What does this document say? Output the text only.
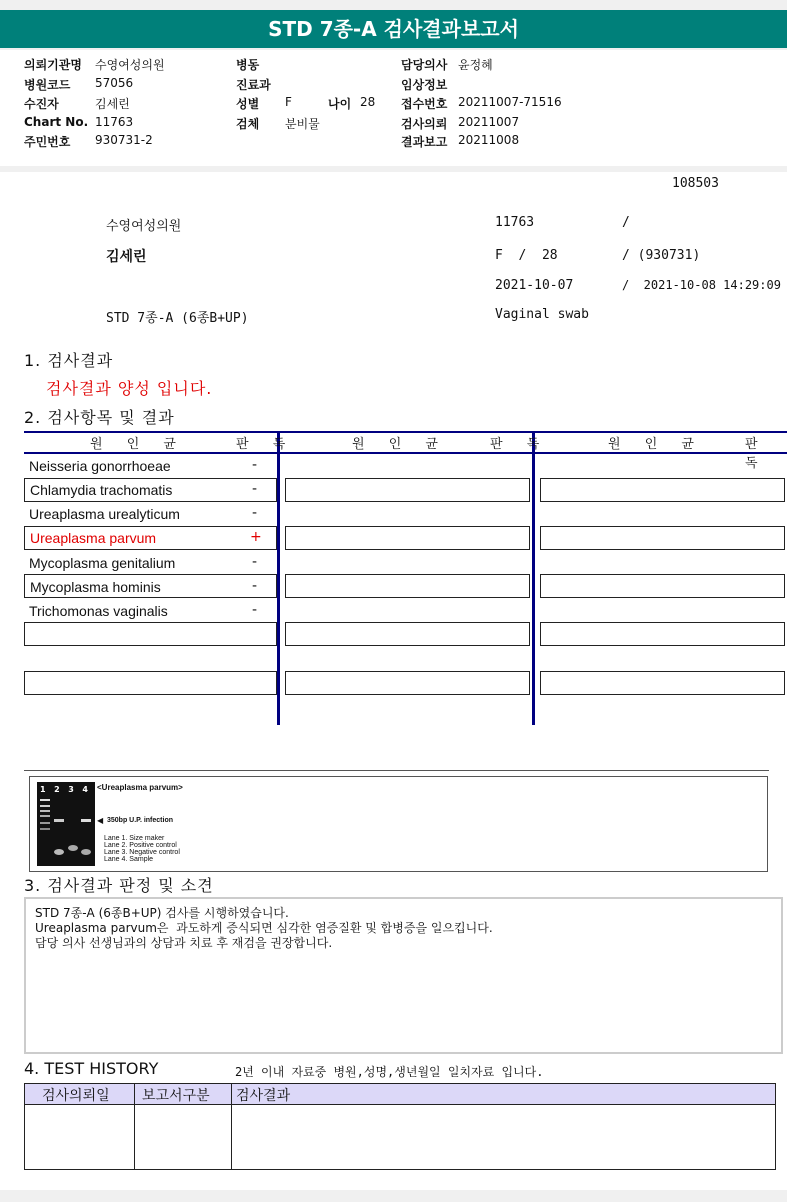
STD 7종-A 검사결과보고서
의뢰기관명 수영여성의원
병원코드 57056
수진자	김세린
Chart No. 11763
주민번호 930731-2
병동
진료과
성별 F	나이 28
검체 분비물
담당의사 윤정혜
임상정보
접수번호 20211007-71516
검사의뢰 20211007
결과보고 20211008
108503
수영여성의원	11763	/
김세린	F  /  28	/ (930731)
2021-10-07	/  2021-10-08 14:29:09
STD 7종-A (6종B+UP)	Vaginal swab
1. 검사결과
검사결과 양성 입니다.
2. 검사항목 및 결과
원 인 균	판 독	원 인 균	판 독	원 인 균	판 독
Neisseria gonorrhoeae	-
Chlamydia trachomatis	-
Ureaplasma urealyticum	-
Ureaplasma parvum	+
Mycoplasma genitalium	-
Mycoplasma hominis	-
Trichomonas vaginalis	-
1  2  3  4 <Ureaplasma parvum>
◀ 350bp U.P. infection
Lane 1. Size maker
Lane 2. Positive control
Lane 3. Negative control
Lane 4. Sample
3. 검사결과 판정 및 소견
STD 7종-A (6종B+UP) 검사를 시행하였습니다.
Ureaplasma parvum은  과도하게 증식되면 심각한 염증질환 및 합병증을 일으킵니다.
담당 의사 선생님과의 상담과 치료 후 재검을 권장합니다.
4. TEST HISTORY	2년 이내 자료중 병원,성명,생년월일 일치자료 입니다.
검사의뢰일 보고서구분 검사결과
